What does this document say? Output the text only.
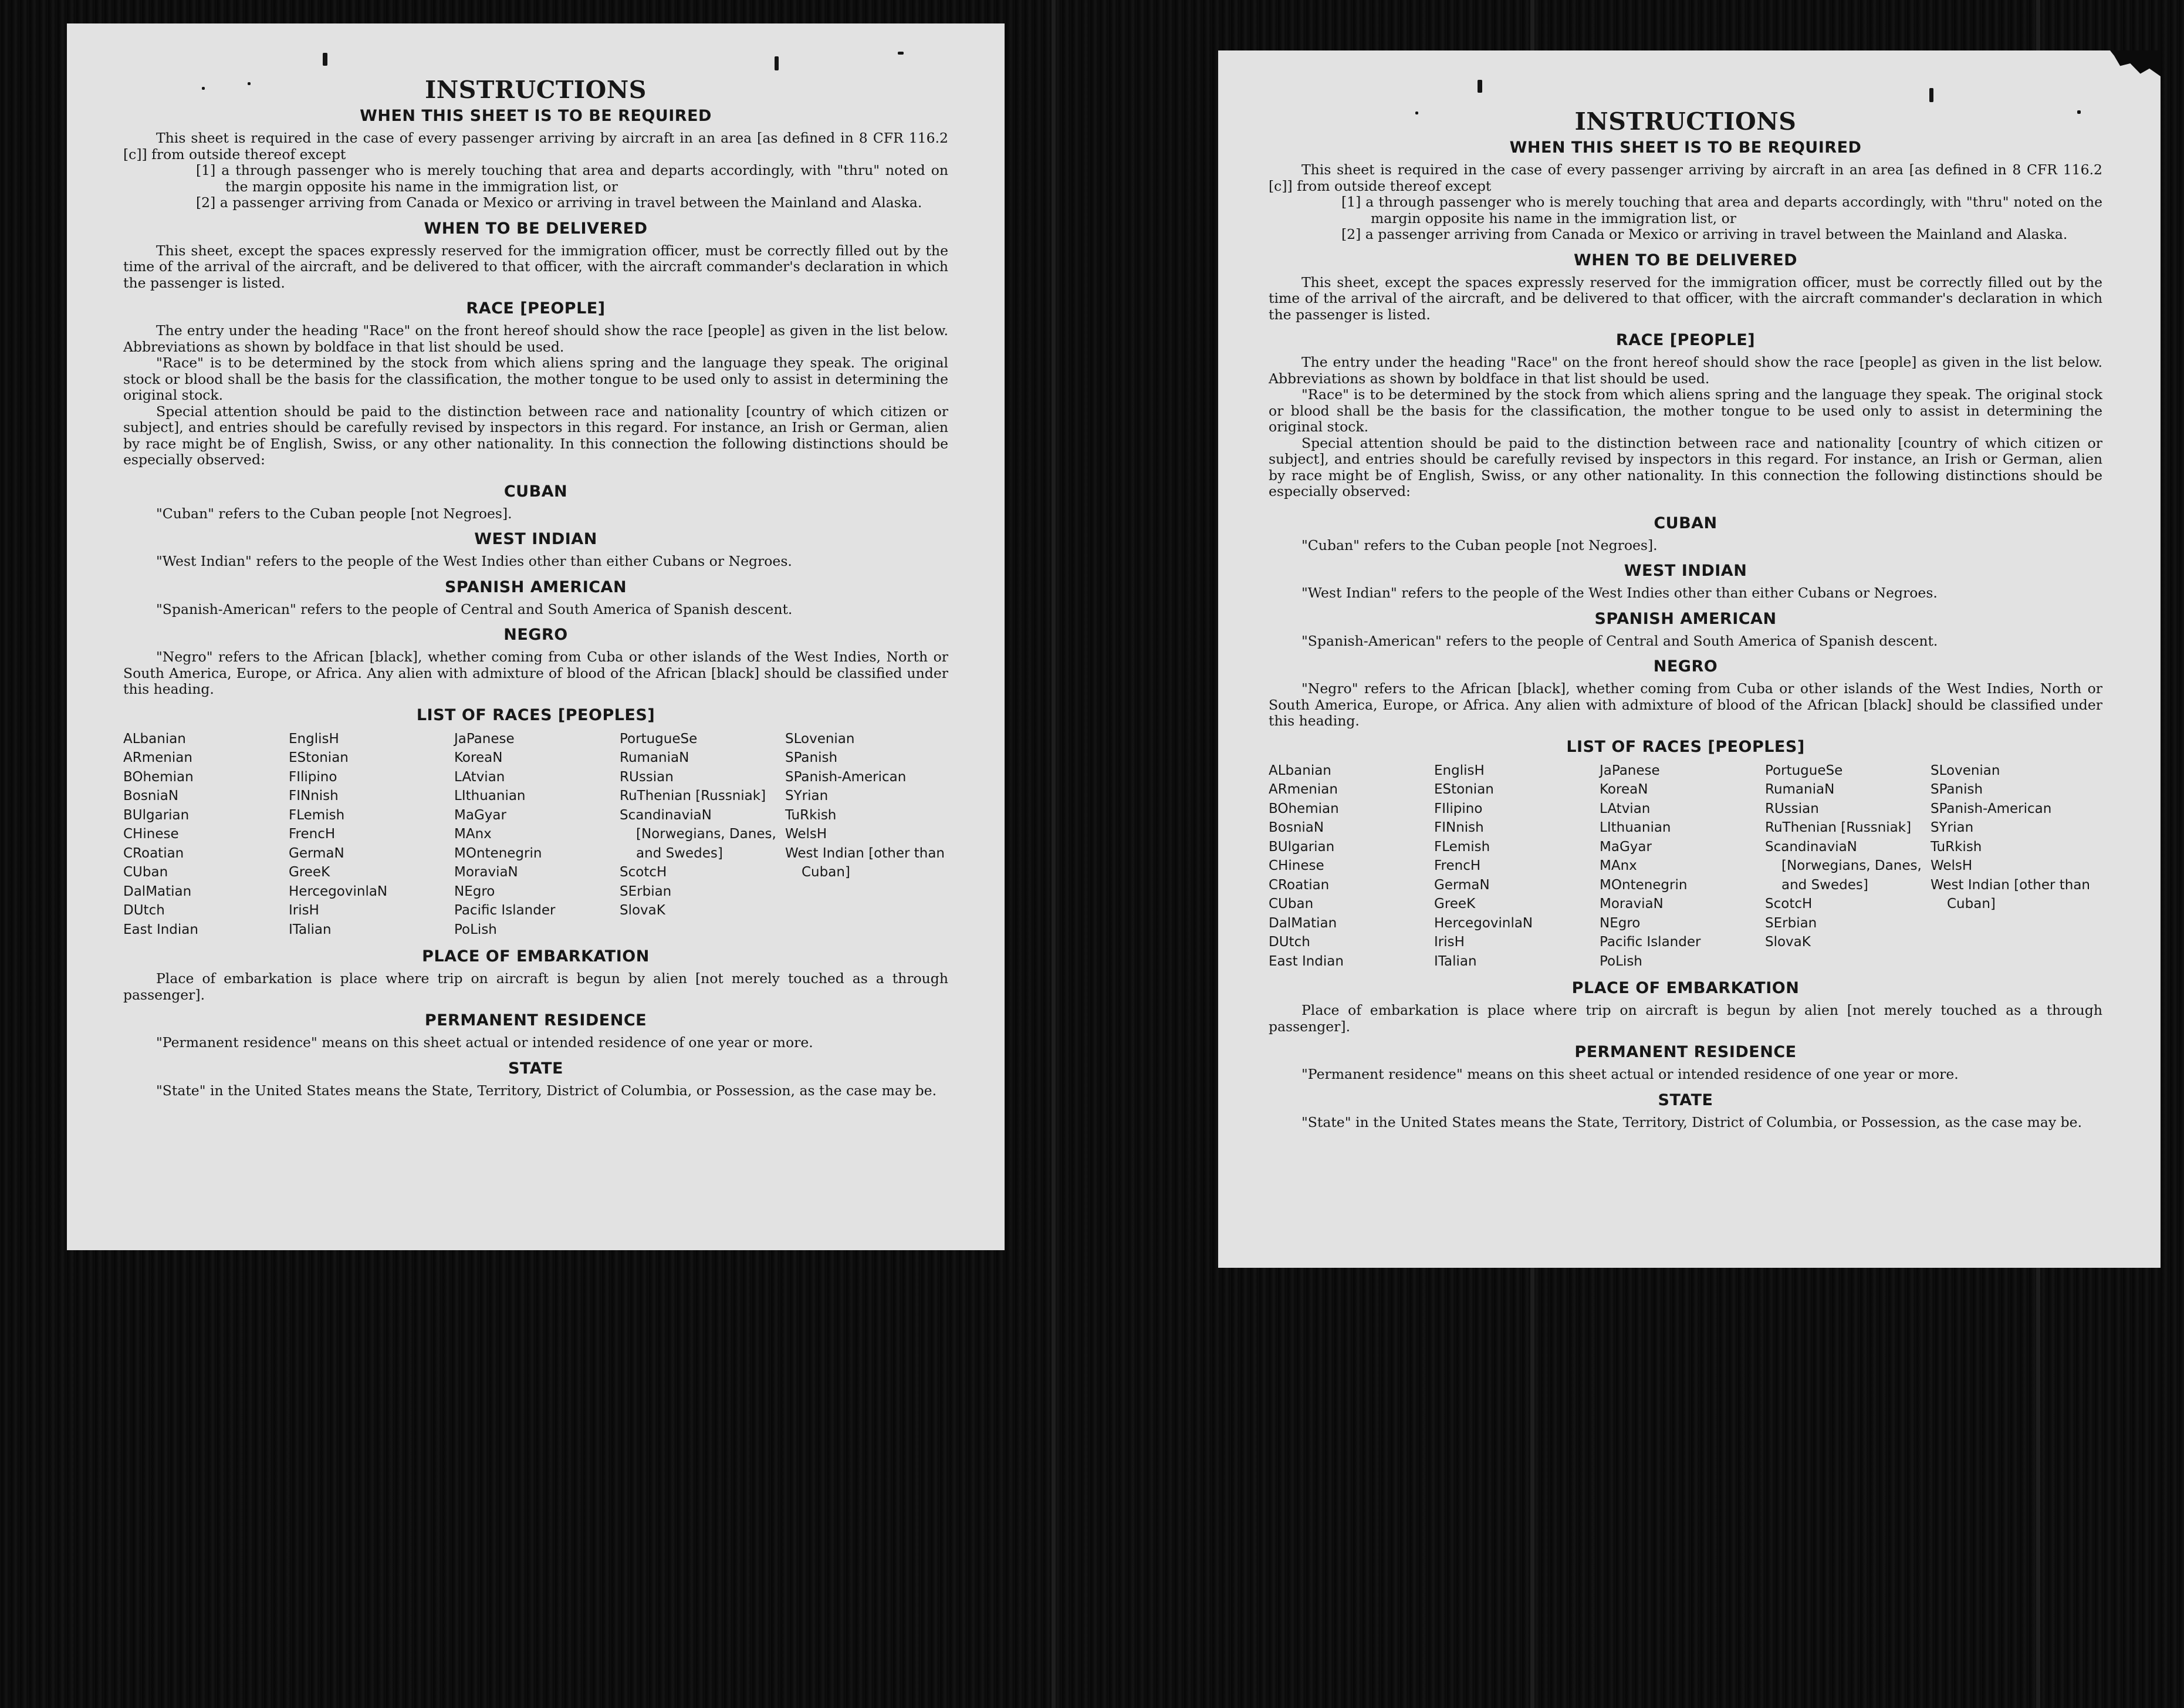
INSTRUCTIONS
WHEN THIS SHEET IS TO BE REQUIRED

This sheet is required in the case of every passenger arriving by aircraft in an area [as defined in 8 CFR 116.2 [c]] from outside thereof except

[1] a through passenger who is merely touching that area and departs accordingly, with "thru" noted on the margin opposite his name in the immigration list, or
[2] a passenger arriving from Canada or Mexico or arriving in travel between the Mainland and Alaska.
WHEN TO BE DELIVERED

This sheet, except the spaces expressly reserved for the immigration officer, must be correctly filled out by the time of the arrival of the aircraft, and be delivered to that officer, with the aircraft commander's declaration in which the passenger is listed.

RACE [PEOPLE]

The entry under the heading "Race" on the front hereof should show the race [people] as given in the list below. Abbreviations as shown by boldface in that list should be used.

"Race" is to be determined by the stock from which aliens spring and the language they speak. The original stock or blood shall be the basis for the classification, the mother tongue to be used only to assist in determining the original stock.

Special attention should be paid to the distinction between race and nationality [country of which citizen or subject], and entries should be carefully revised by inspectors in this regard. For instance, an Irish or German, alien by race might be of English, Swiss, or any other nationality. In this connection the following distinctions should be especially observed:

CUBAN

"Cuban" refers to the Cuban people [not Negroes].

WEST INDIAN

"West Indian" refers to the people of the West Indies other than either Cubans or Negroes.

SPANISH AMERICAN

"Spanish-American" refers to the people of Central and South America of Spanish descent.

NEGRO

"Negro" refers to the African [black], whether coming from Cuba or other islands of the West Indies, North or South America, Europe, or Africa. Any alien with admixture of blood of the African [black] should be classified under this heading.

LIST OF RACES [PEOPLES]
ALbanian
ARmenian
BOhemian
BosniaN
BUlgarian
CHinese
CRoatian
CUban
DalMatian
DUtch
East Indian
EnglisH
EStonian
FIlipino
FINnish
FLemish
FrencH
GermaN
GreeK
HercegovinlaN
IrisH
ITalian
JaPanese
KoreaN
LAtvian
LIthuanian
MaGyar
MAnx
MOntenegrin
MoraviaN
NEgro
Pacific Islander
PoLish
PortugueSe
RumaniaN
RUssian
RuThenian [Russniak]
ScandinaviaN [Norwegians, Danes, and Swedes]
ScotcH
SErbian
SlovaK
SLovenian
SPanish
SPanish-American
SYrian
TuRkish
WelsH
West Indian [other than Cuban]
PLACE OF EMBARKATION

Place of embarkation is place where trip on aircraft is begun by alien [not merely touched as a through passenger].

PERMANENT RESIDENCE

"Permanent residence" means on this sheet actual or intended residence of one year or more.

STATE

"State" in the United States means the State, Territory, District of Columbia, or Possession, as the case may be.

INSTRUCTIONS
WHEN THIS SHEET IS TO BE REQUIRED

This sheet is required in the case of every passenger arriving by aircraft in an area [as defined in 8 CFR 116.2 [c]] from outside thereof except

[1] a through passenger who is merely touching that area and departs accordingly, with "thru" noted on the margin opposite his name in the immigration list, or
[2] a passenger arriving from Canada or Mexico or arriving in travel between the Mainland and Alaska.
WHEN TO BE DELIVERED

This sheet, except the spaces expressly reserved for the immigration officer, must be correctly filled out by the time of the arrival of the aircraft, and be delivered to that officer, with the aircraft commander's declaration in which the passenger is listed.

RACE [PEOPLE]

The entry under the heading "Race" on the front hereof should show the race [people] as given in the list below. Abbreviations as shown by boldface in that list should be used.

"Race" is to be determined by the stock from which aliens spring and the language they speak. The original stock or blood shall be the basis for the classification, the mother tongue to be used only to assist in determining the original stock.

Special attention should be paid to the distinction between race and nationality [country of which citizen or subject], and entries should be carefully revised by inspectors in this regard. For instance, an Irish or German, alien by race might be of English, Swiss, or any other nationality. In this connection the following distinctions should be especially observed:

CUBAN

"Cuban" refers to the Cuban people [not Negroes].

WEST INDIAN

"West Indian" refers to the people of the West Indies other than either Cubans or Negroes.

SPANISH AMERICAN

"Spanish-American" refers to the people of Central and South America of Spanish descent.

NEGRO

"Negro" refers to the African [black], whether coming from Cuba or other islands of the West Indies, North or South America, Europe, or Africa. Any alien with admixture of blood of the African [black] should be classified under this heading.

LIST OF RACES [PEOPLES]
ALbanian
ARmenian
BOhemian
BosniaN
BUlgarian
CHinese
CRoatian
CUban
DalMatian
DUtch
East Indian
EnglisH
EStonian
FIlipino
FINnish
FLemish
FrencH
GermaN
GreeK
HercegovinlaN
IrisH
ITalian
JaPanese
KoreaN
LAtvian
LIthuanian
MaGyar
MAnx
MOntenegrin
MoraviaN
NEgro
Pacific Islander
PoLish
PortugueSe
RumaniaN
RUssian
RuThenian [Russniak]
ScandinaviaN [Norwegians, Danes, and Swedes]
ScotcH
SErbian
SlovaK
SLovenian
SPanish
SPanish-American
SYrian
TuRkish
WelsH
West Indian [other than Cuban]
PLACE OF EMBARKATION

Place of embarkation is place where trip on aircraft is begun by alien [not merely touched as a through passenger].

PERMANENT RESIDENCE

"Permanent residence" means on this sheet actual or intended residence of one year or more.

STATE

"State" in the United States means the State, Territory, District of Columbia, or Possession, as the case may be.
